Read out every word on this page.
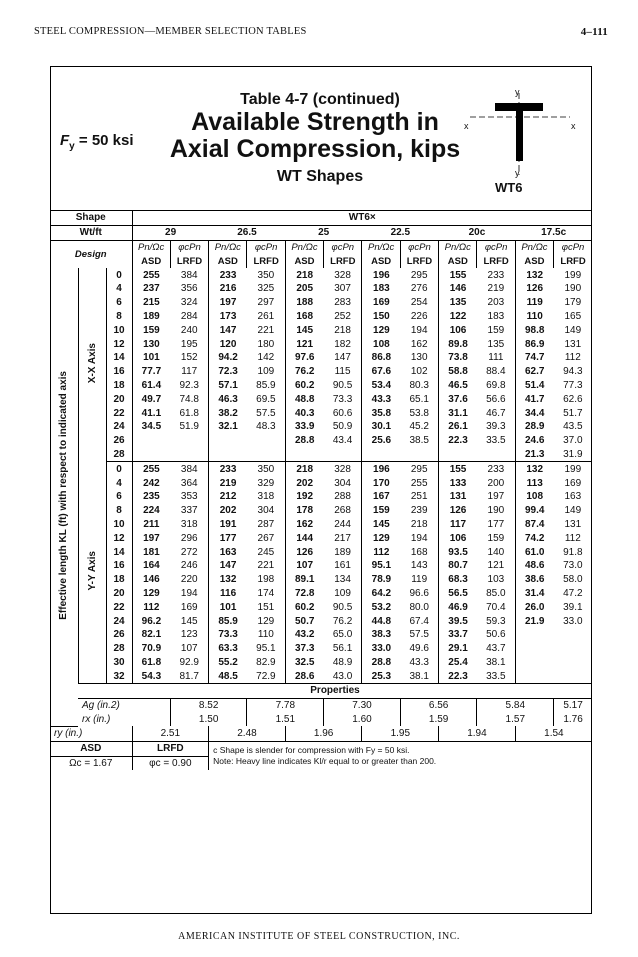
STEEL COMPRESSION—MEMBER SELECTION TABLES	4–111
$F_y = 50$ ksi
Table 4-7 (continued)
Available Strength in
Axial Compression, kips
WT Shapes
y
y
x	x
WT6
Shape			WT6×											
Wt/ft			29		26.5		25		22.5		20c		17.5c	
Design			Pn/Ωc	φcPn	Pn/Ωc	φcPn	Pn/Ωc	φcPn	Pn/Ωc	φcPn	Pn/Ωc	φcPn	Pn/Ωc	φcPn
			ASD	LRFD	ASD	LRFD	ASD	LRFD	ASD	LRFD	ASD	LRFD	ASD	LRFD
Effective length KL (ft) with respect to indicated axis	X-X Axis	0	255	384	233	350	218	328	196	295	155	233	132	199

		4	237	356	216	325	205	307	183	276	146	219	126	190
		6	215	324	197	297	188	283	169	254	135	203	119	179
		8	189	284	173	261	168	252	150	226	122	183	110	165
		10	159	240	147	221	145	218	129	194	106	159	98.8	149
		12	130	195	120	180	121	182	108	162	89.8	135	86.9	131

		14	101	152	94.2	142	97.6	147	86.8	130	73.8	111	74.7	112
		16	77.7	117	72.3	109	76.2	115	67.6	102	58.8	88.4	62.7	94.3
		18	61.4	92.3	57.1	85.9	60.2	90.5	53.4	80.3	46.5	69.8	51.4	77.3
		20	49.7	74.8	46.3	69.5	48.8	73.3	43.3	65.1	37.6	56.6	41.7	62.6
		22	41.1	61.8	38.2	57.5	40.3	60.6	35.8	53.8	31.1	46.7	34.4	51.7

		24	34.5	51.9	32.1	48.3	33.9	50.9	30.1	45.2	26.1	39.3	28.9	43.5
		26					28.8	43.4	25.6	38.5	22.3	33.5	24.6	37.0
		28											21.3	31.9
	Y-Y Axis	0	255	384	233	350	218	328	196	295	155	233	132	199

		4	242	364	219	329	202	304	170	255	133	200	113	169
		6	235	353	212	318	192	288	167	251	131	197	108	163
		8	224	337	202	304	178	268	159	239	126	190	99.4	149
		10	211	318	191	287	162	244	145	218	117	177	87.4	131
		12	197	296	177	267	144	217	129	194	106	159	74.2	112

		14	181	272	163	245	126	189	112	168	93.5	140	61.0	91.8
		16	164	246	147	221	107	161	95.1	143	80.7	121	48.6	73.0
		18	146	220	132	198	89.1	134	78.9	119	68.3	103	38.6	58.0
		20	129	194	116	174	72.8	109	64.2	96.6	56.5	85.0	31.4	47.2
		22	112	169	101	151	60.2	90.5	53.2	80.0	46.9	70.4	26.0	39.1

		24	96.2	145	85.9	129	50.7	76.2	44.8	67.4	39.5	59.3	21.9	33.0
		26	82.1	123	73.3	110	43.2	65.0	38.3	57.5	33.7	50.6		
		28	70.9	107	63.3	95.1	37.3	56.1	33.0	49.6	29.1	43.7		
		30	61.8	92.9	55.2	82.9	32.5	48.9	28.8	43.3	25.4	38.1		
		32	54.3	81.7	48.5	72.9	28.6	43.0	25.3	38.1	22.3	33.5		
	Properties													
	Ag (in.2)			8.52		7.78		7.30		6.56		5.84		5.17
	rx (in.)			1.50		1.51		1.60		1.59		1.57		1.76
ry (in.)			2.51		2.48		1.96		1.95		1.94		1.54	
ASD			LRFD		c Shape is slender for compression with Fy = 50 ksi.
Note: Heavy line indicates Kl/r equal to or greater than 200.									

Ωc = 1.67			φc = 0.90											
AMERICAN INSTITUTE OF STEEL CONSTRUCTION, INC.
